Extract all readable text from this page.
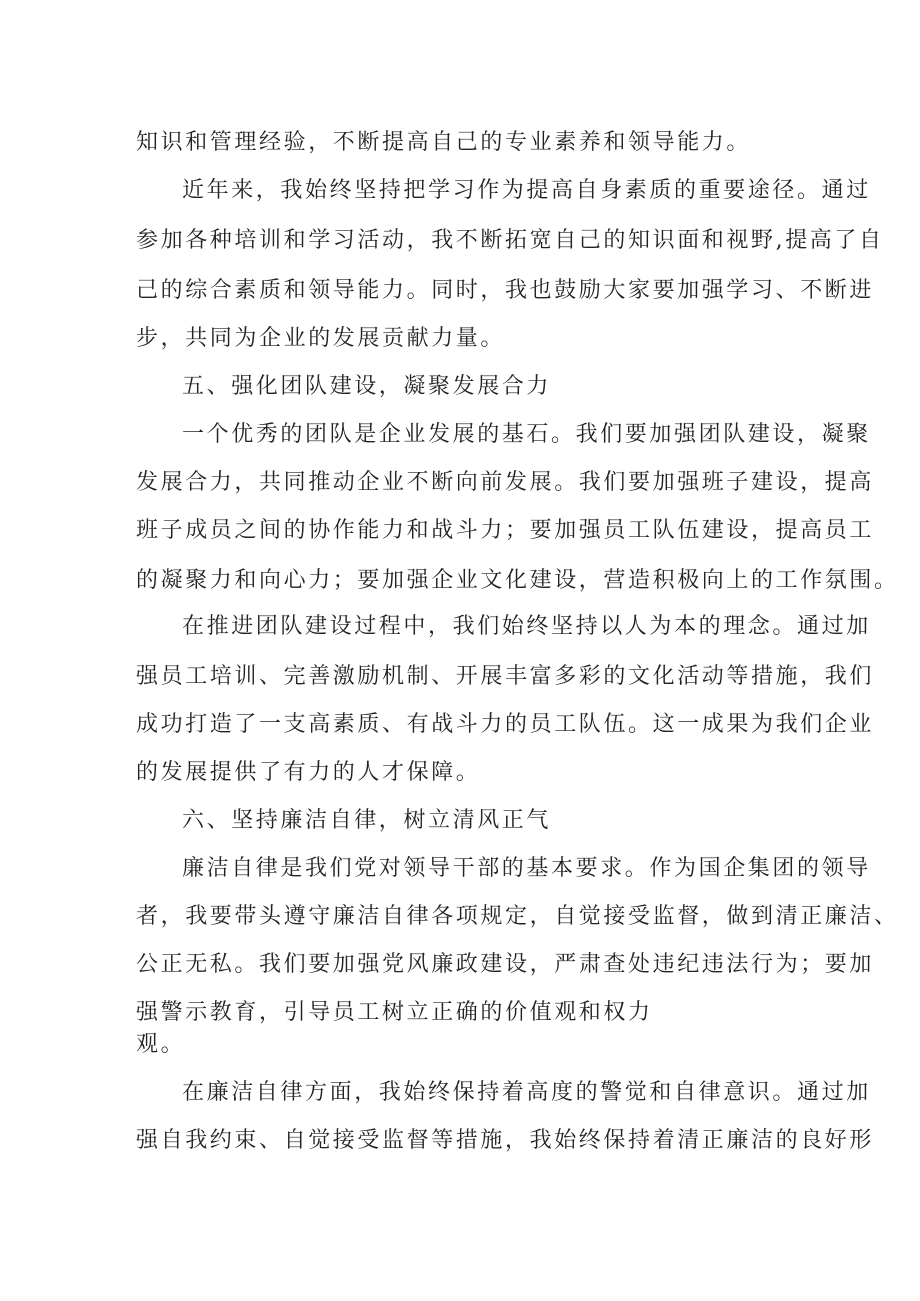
知识和管理经验，不断提高自己的专业素养和领导能力。
近年来，我始终坚持把学习作为提高自身素质的重要途径。通过
参加各种培训和学习活动，我不断拓宽自己的知识面和视野,提高了自
己的综合素质和领导能力。同时，我也鼓励大家要加强学习、不断进
步，共同为企业的发展贡献力量。
五、强化团队建设，凝聚发展合力
一个优秀的团队是企业发展的基石。我们要加强团队建设，凝聚
发展合力，共同推动企业不断向前发展。我们要加强班子建设，提高
班子成员之间的协作能力和战斗力；要加强员工队伍建设，提高员工
的凝聚力和向心力；要加强企业文化建设，营造积极向上的工作氛围。
在推进团队建设过程中，我们始终坚持以人为本的理念。通过加
强员工培训、完善激励机制、开展丰富多彩的文化活动等措施，我们
成功打造了一支高素质、有战斗力的员工队伍。这一成果为我们企业
的发展提供了有力的人才保障。
六、坚持廉洁自律，树立清风正气
廉洁自律是我们党对领导干部的基本要求。作为国企集团的领导
者，我要带头遵守廉洁自律各项规定，自觉接受监督，做到清正廉洁、
公正无私。我们要加强党风廉政建设，严肃查处违纪违法行为；要加
强警示教育，引导员工树立正确的价值观和权力
观。
在廉洁自律方面，我始终保持着高度的警觉和自律意识。通过加
强自我约束、自觉接受监督等措施，我始终保持着清正廉洁的良好形
